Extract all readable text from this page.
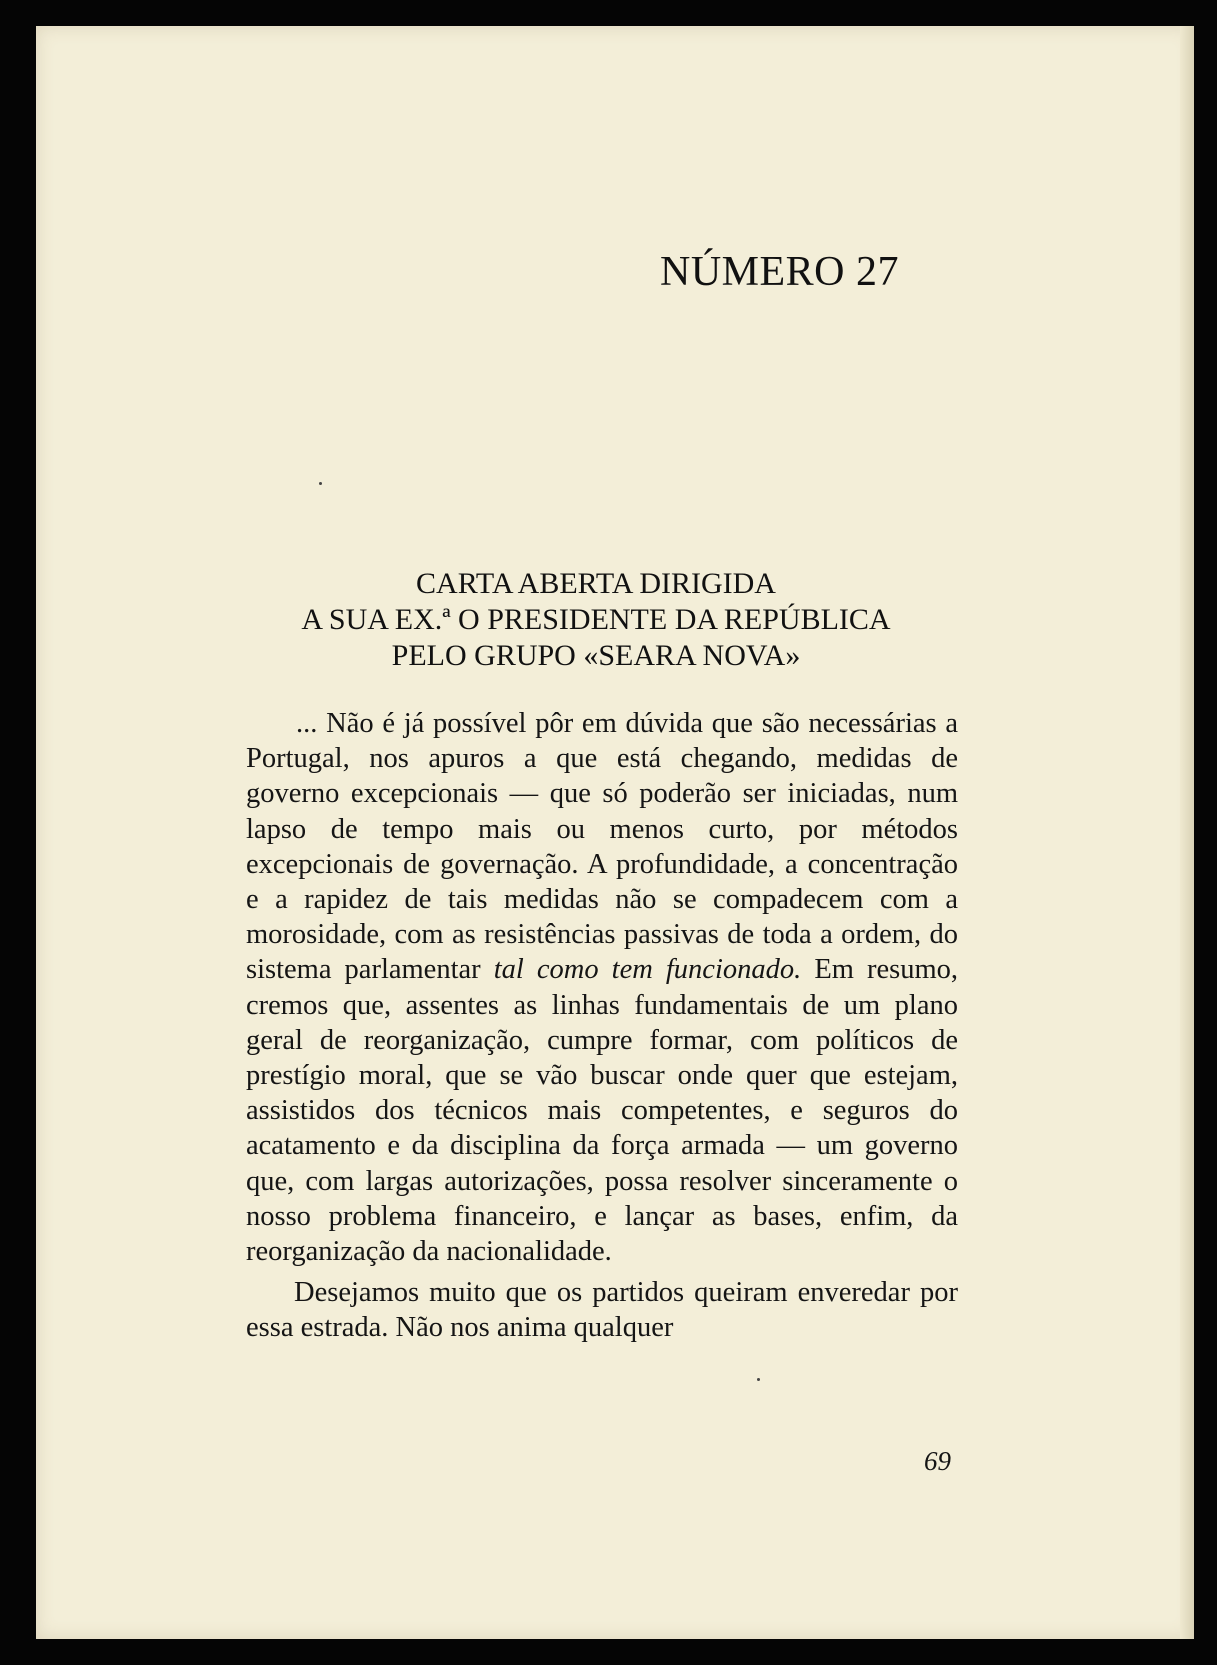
NÚMERO 27
CARTA ABERTA DIRIGIDA
A SUA EX.ª O PRESIDENTE DA REPÚBLICA
PELO GRUPO «SEARA NOVA»

... Não é já possível pôr em dúvida que são necessárias a Portugal, nos apuros a que está chegando, medidas de governo excepcionais — que só poderão ser iniciadas, num lapso de tempo mais ou menos curto, por métodos excepcionais de governação. A profundidade, a concentração e a rapidez de tais medidas não se compadecem com a morosidade, com as resistências passivas de toda a ordem, do sistema parlamentar tal como tem funcionado. Em resumo, cremos que, assentes as linhas fundamentais de um plano geral de reorganização, cumpre formar, com políticos de prestígio moral, que se vão buscar onde quer que estejam, assistidos dos técnicos mais competentes, e seguros do acatamento e da disciplina da força armada — um governo que, com largas autorizações, possa resolver sinceramente o nosso problema financeiro, e lançar as bases, enfim, da reorganização da nacionalidade.

Desejamos muito que os partidos queiram enveredar por essa estrada. Não nos anima qualquer

69
